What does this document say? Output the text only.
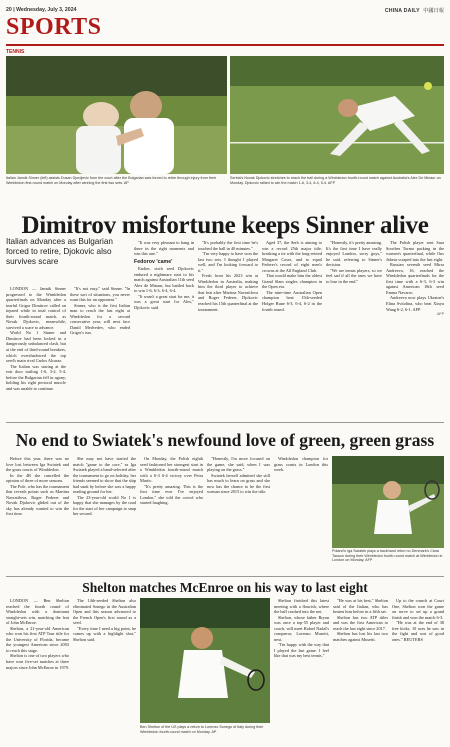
20 | Wednesday, July 3, 2024	CHINA DAILY 中國日報
SPORTS
TENNIS
Italian Jannik Sinner (left) assists Dusan Djordjevic from the court after the Bulgarian was forced to retire through injury from their Wimbledon first-round match on Monday after winning the first two sets. AP
Serbia's Novak Djokovic stretches to reach the ball during a Wimbledon fourth-round match against Australia's Alex De Minaur on Monday. Djokovic rallied to win the match 1-6, 3-4, 6-4, 5-4. AFP
Dimitrov misfortune keeps Sinner alive
Italian advances as Bulgarian forced to retire, Djokovic also survives scare

LONDON — Jannik Sinner progressed to the Wimbledon quarterfinals on Monday after a tearful Grigor Dimitrov called on injured while in total control of their fourth-round match, as Novak Djokovic, meanwhile, survived a scare to advance.

World No 1 Sinner and Dimitrov had been locked in a dangerously unbalanced clash, but at the end of third-round breakers, which overshadowed the top seed's main rival Carlos Alcaraz.

The Italian was staring at the exit door trailing 1-6, 3-2, 5-4, before the Bulgarian fell in agony, holding his right pectoral muscle and was unable to continue.

"It's not easy," said Sinner. "In these sort of situations, you never want this for an opponent."

Sinner, who is the first Italian man to reach the last eight at Wimbledon for a second consecutive year, will next face Daniil Medvedev, who ended Grigor's run.

"It was very pleasant to hang in there in the right moments and win this one."

Fedorov 'came'

Earlier, sixth seed Djokovic endured a nightmare start to his match against Australian 11th seed Alex de Minaur, but battled back to win 1-6, 6-3, 6-4, 6-4.

"It wasn't a great start for me, it was a great start for Alex," Djokovic said.

"It's probably the first time he's touched the ball in 40 minutes."

"I'm very happy to have won the last two sets. I thought I played well, and I'm looking forward to it."

Fresh from his 2023 win at Wimbledon in Australia, making him the third player to achieve that feat after Martina Navratilova and Roger Federer, Djokovic reached his 15th quarterfinal at the tournament.

Aged 37, the Serb is aiming to win a record 25th major title, breaking a tie with the long-retired Margaret Court, and to equal Federer's record of eight men's crowns at the All England Club.

That would make him the oldest Grand Slam singles champion in the Open era.

The nine-time Australian Open champion beat 15th-seeded Holger Rune 6-3, 6-4, 6-2 in the fourth round.

"Honestly, it's pretty amazing. It's the first time I have really enjoyed London, sorry guys," he said, referring to Sinner's decision.

"We are tennis players, so we feel sad if all the ones we have to lose in the end."

The Polish player sent Sara Sorribes Tormo packing in the women's quarterfinal, while Ons Jabeur scraped into the last eight.

Russian seventh seed Mirra Andreeva, 16, reached the Wimbledon quarterfinals for the first time with a 6-3, 6-3 win against American 18th seed Emma Navarro.

Andreeva now plays Ukraine's Elina Svitolina, who beat Xinyu Wang 6-2, 6-1. AFP

AFP

No end to Swiatek's newfound love of green, green grass

Before this year, there was no love lost between Iga Swiatek and the grass courts of Wimbledon.

In the 4R she cancelled the opinion of three of more seasons.

The Pole, who has the tournament that reveals points such as Martina Navratilova, Roger Federer and Novak Djokovic glided out of the sky has already wanted to win the first time.

She may not have started the match "game to the core," as Iga Swiatek played a hand-selected after the tournament to go on holiday, her friends seemed to show that the ship had sunk by before she was a happy reading ground for her.

The 23-year-old world No 1 is happy that she manages by the road for the start of her campaign to snap her second.

On Monday, the Polish eighth seed fashioned her strongest start in a Wimbledon fourth-round match with a 6-3 6-4 victory over Petra Martic.

"It's pretty amazing. This is the first time ever I've enjoyed London," she told the crowd who started laughing.

"Honestly, I'm more focused on the game, she said, when I was playing on the grass."

Swiatek herself admitted she still has much to learn on grass and she now has the chance to be the first woman since 2015 to win the title.

Wimbledon champion for grass courts in London this week.

Poland's Iga Swiatek plays a backhand return to Denmark's Clara Tauson during their Wimbledon fourth-round match at Wimbledon in London on Monday. AFP
Shelton matches McEnroe on his way to last eight

LONDON — Ben Shelton reached the fourth round of Wimbledon with a dominant straight-sets win, matching the feat of John McEnroe.

Shelton, a 21-year-old American who won his first ATP Tour title for the University of Florida, became the youngest American since 2003 to reach this stage.

Shelton is one of two players who have won five-set matches at three majors since John McEnroe in 1979.

The 14th-seeded Shelton also eliminated Sonego in the Australian Open and this season advanced to the French Open's first round as a seed.

"Every time I need a big point, he comes up with a highlight shot," Shelton said.

Ben Shelton of the US plays a return to Lorenzo Sonego of Italy during their Wimbledon fourth-round match on Monday. AP

Shelton finished this latest meeting with a flourish, where the ball crashed into the net.

Shelton, whose father Bryan was once a top-55 player and coach, will meet Rafael Nadal's conqueror, Lorenzo Musetti, next.

"I'm happy with the way that I played the last game. I feel like that was my best tennis."

"He was at his best," Shelton said of the Italian, who has beaten him before in a fifth set.

Shelton has two ATP titles and was the first American to reach the last eight since 2017.

Shelton has lost his last two matches against Musetti.

Up to the crunch at Court One, Shelton won the game on serve to set up a grand finish and won the match 6-3.

"He was at the end of 38 free kicks, 10 aces he saw in the fight and sort of good ones." REUTERS
